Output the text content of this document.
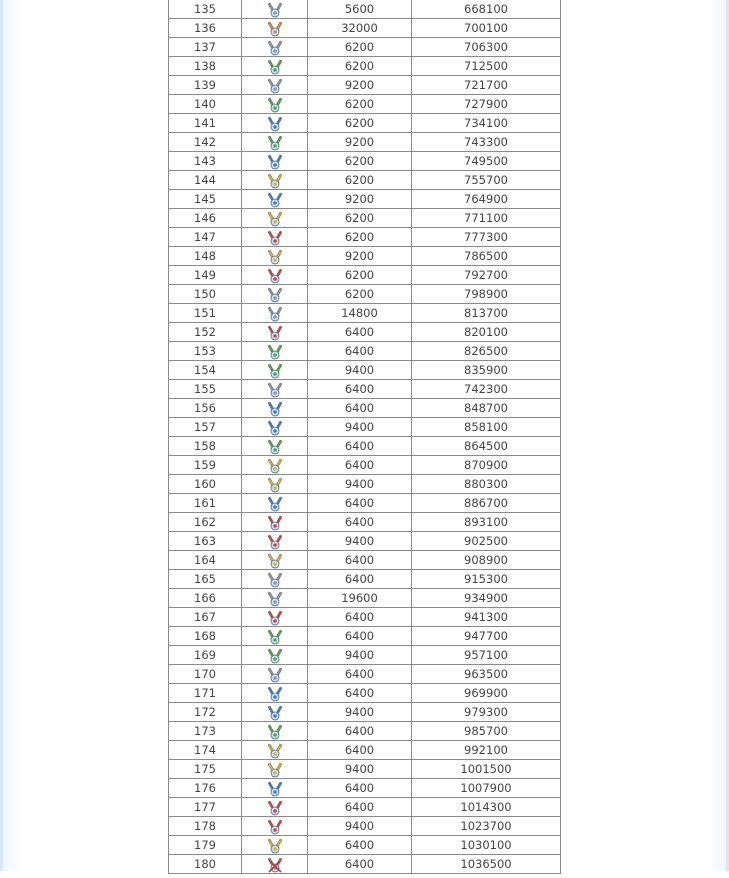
135		5600	668100
136		32000	700100
137		6200	706300
138		6200	712500
139		9200	721700
140		6200	727900
141		6200	734100
142		9200	743300
143		6200	749500
144		6200	755700
145		9200	764900
146		6200	771100
147		6200	777300
148		9200	786500
149		6200	792700
150		6200	798900
151		14800	813700
152		6400	820100
153		6400	826500
154		9400	835900
155		6400	742300
156		6400	848700
157		9400	858100
158		6400	864500
159		6400	870900
160		9400	880300
161		6400	886700
162		6400	893100
163		9400	902500
164		6400	908900
165		6400	915300
166		19600	934900
167		6400	941300
168		6400	947700
169		9400	957100
170		6400	963500
171		6400	969900
172		9400	979300
173		6400	985700
174		6400	992100
175		9400	1001500
176		6400	1007900
177		6400	1014300
178		9400	1023700
179		6400	1030100
180		6400	1036500
